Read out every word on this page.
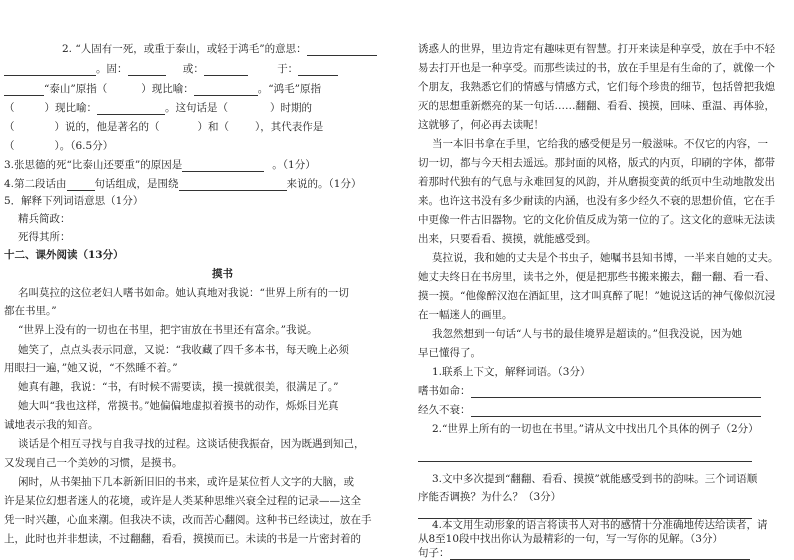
2. “人固有一死，或重于泰山，或轻于鸿毛”的意思：
。固：	或：	于：
“泰山”原指（	）现比喻：	。“鸿毛”原指
（	）现比喻：	。这句话是（	）时期的
（	）说的，他是著名的（	）和（ ），其代表作是
（	）。（6.5分）
3.张思德的死“比泰山还要重”的原因是	。（1分）
4.第二段话由	句话组成，是围绕	来说的。（1分）
5．解释下列词语意思（1分）
精兵简政：
死得其所：
十二、课外阅读（13分）
摸书
名叫莫拉的这位老妇人嗜书如命。她认真地对我说：“世界上所有的一切
都在书里。”
“世界上没有的一切也在书里，把宇宙放在书里还有富余。”我说。
她笑了，点点头表示同意，又说：“我收藏了四千多本书，每天晚上必须
用眼扫一遍，”她又说，“不然睡不着。”
她真有趣，我说：“书，有时候不需要读，摸一摸就很美，很满足了。”
她大叫“我也这样，常摸书。”她偏偏地虚拟着摸书的动作，烁烁目光真
诚地表示我的知音。
谈话是个相互寻找与自我寻找的过程。这谈话使我振奋，因为既遇到知己，
又发现自己一个美妙的习惯，是摸书。
闲时，从书架抽下几本新新旧旧的书来，或许是某位哲人文字的大脑，或
许是某位幻想者迷人的花境，或许是人类某种思维兴衰全过程的记录——这全
凭一时兴趣，心血来潮。但我决不读，改而苦心翻阅。这种书已经读过，放在手
上，此时也并非想读，不过翻翻，看看，摸摸而已。未读的书是一片密封着的
诱惑人的世界，里边肯定有趣味更有智慧。打开来读是种享受，放在手中不轻
易去打开也是一种享受。而那些读过的书，放在手里是有生命的了，就像一个
个朋友，我熟悉它们的情感与情感方式，它们每个珍贵的细节，包括曾把我熄
灭的思想重新燃亮的某一句话……翻翻、看看、摸摸，回味、重温、再体验，
这就够了，何必再去读呢！
当一本旧书拿在手里，它给我的感受便是另一般滋味。不仅它的内容，一
切一切，都与今天相去遥远。那封面的风格，版式的内页，印刷的字体，都带
着那时代独有的气息与永难回复的风韵，并从磨损变黄的纸页中生动地散发出
来。也许这书没有多少耐读的内涵，也没有多少经久不衰的思想价值，它在手
中更像一件古旧器物。它的文化价值反成为第一位的了。这文化的意味无法读
出来，只要看看、摸摸，就能感受到。
莫拉说，我和她的丈夫是个书虫子，她嘱书县知书博，一半来自她的丈夫。
她丈夫终日在书房里，读书之外，便是把那些书搬来搬去，翻一翻、看一看、
摸一摸。“他像醉汉泡在酒缸里，这才叫真醉了呢！”她说这话的神气像似沉浸
在一幅迷人的画里。
我忽然想到一句话“人与书的最佳境界是超读的。”但我没说，因为她
早已懂得了。
1.联系上下文，解释词语。（3分）
嗜书如命：
经久不衰：
2.“世界上所有的一切也在书里。”请从文中找出几个具体的例子（2分）
3.文中多次提到“翻翻、看看、摸摸”就能感受到书的韵味。三个词语顺
序能否调换？为什么？（3分）
4.本文用生动形象的语言将读书人对书的感情十分准确地传达给读者，请
从8至10段中找出你认为最精彩的一句，写一写你的见解。（3分）
句子：
